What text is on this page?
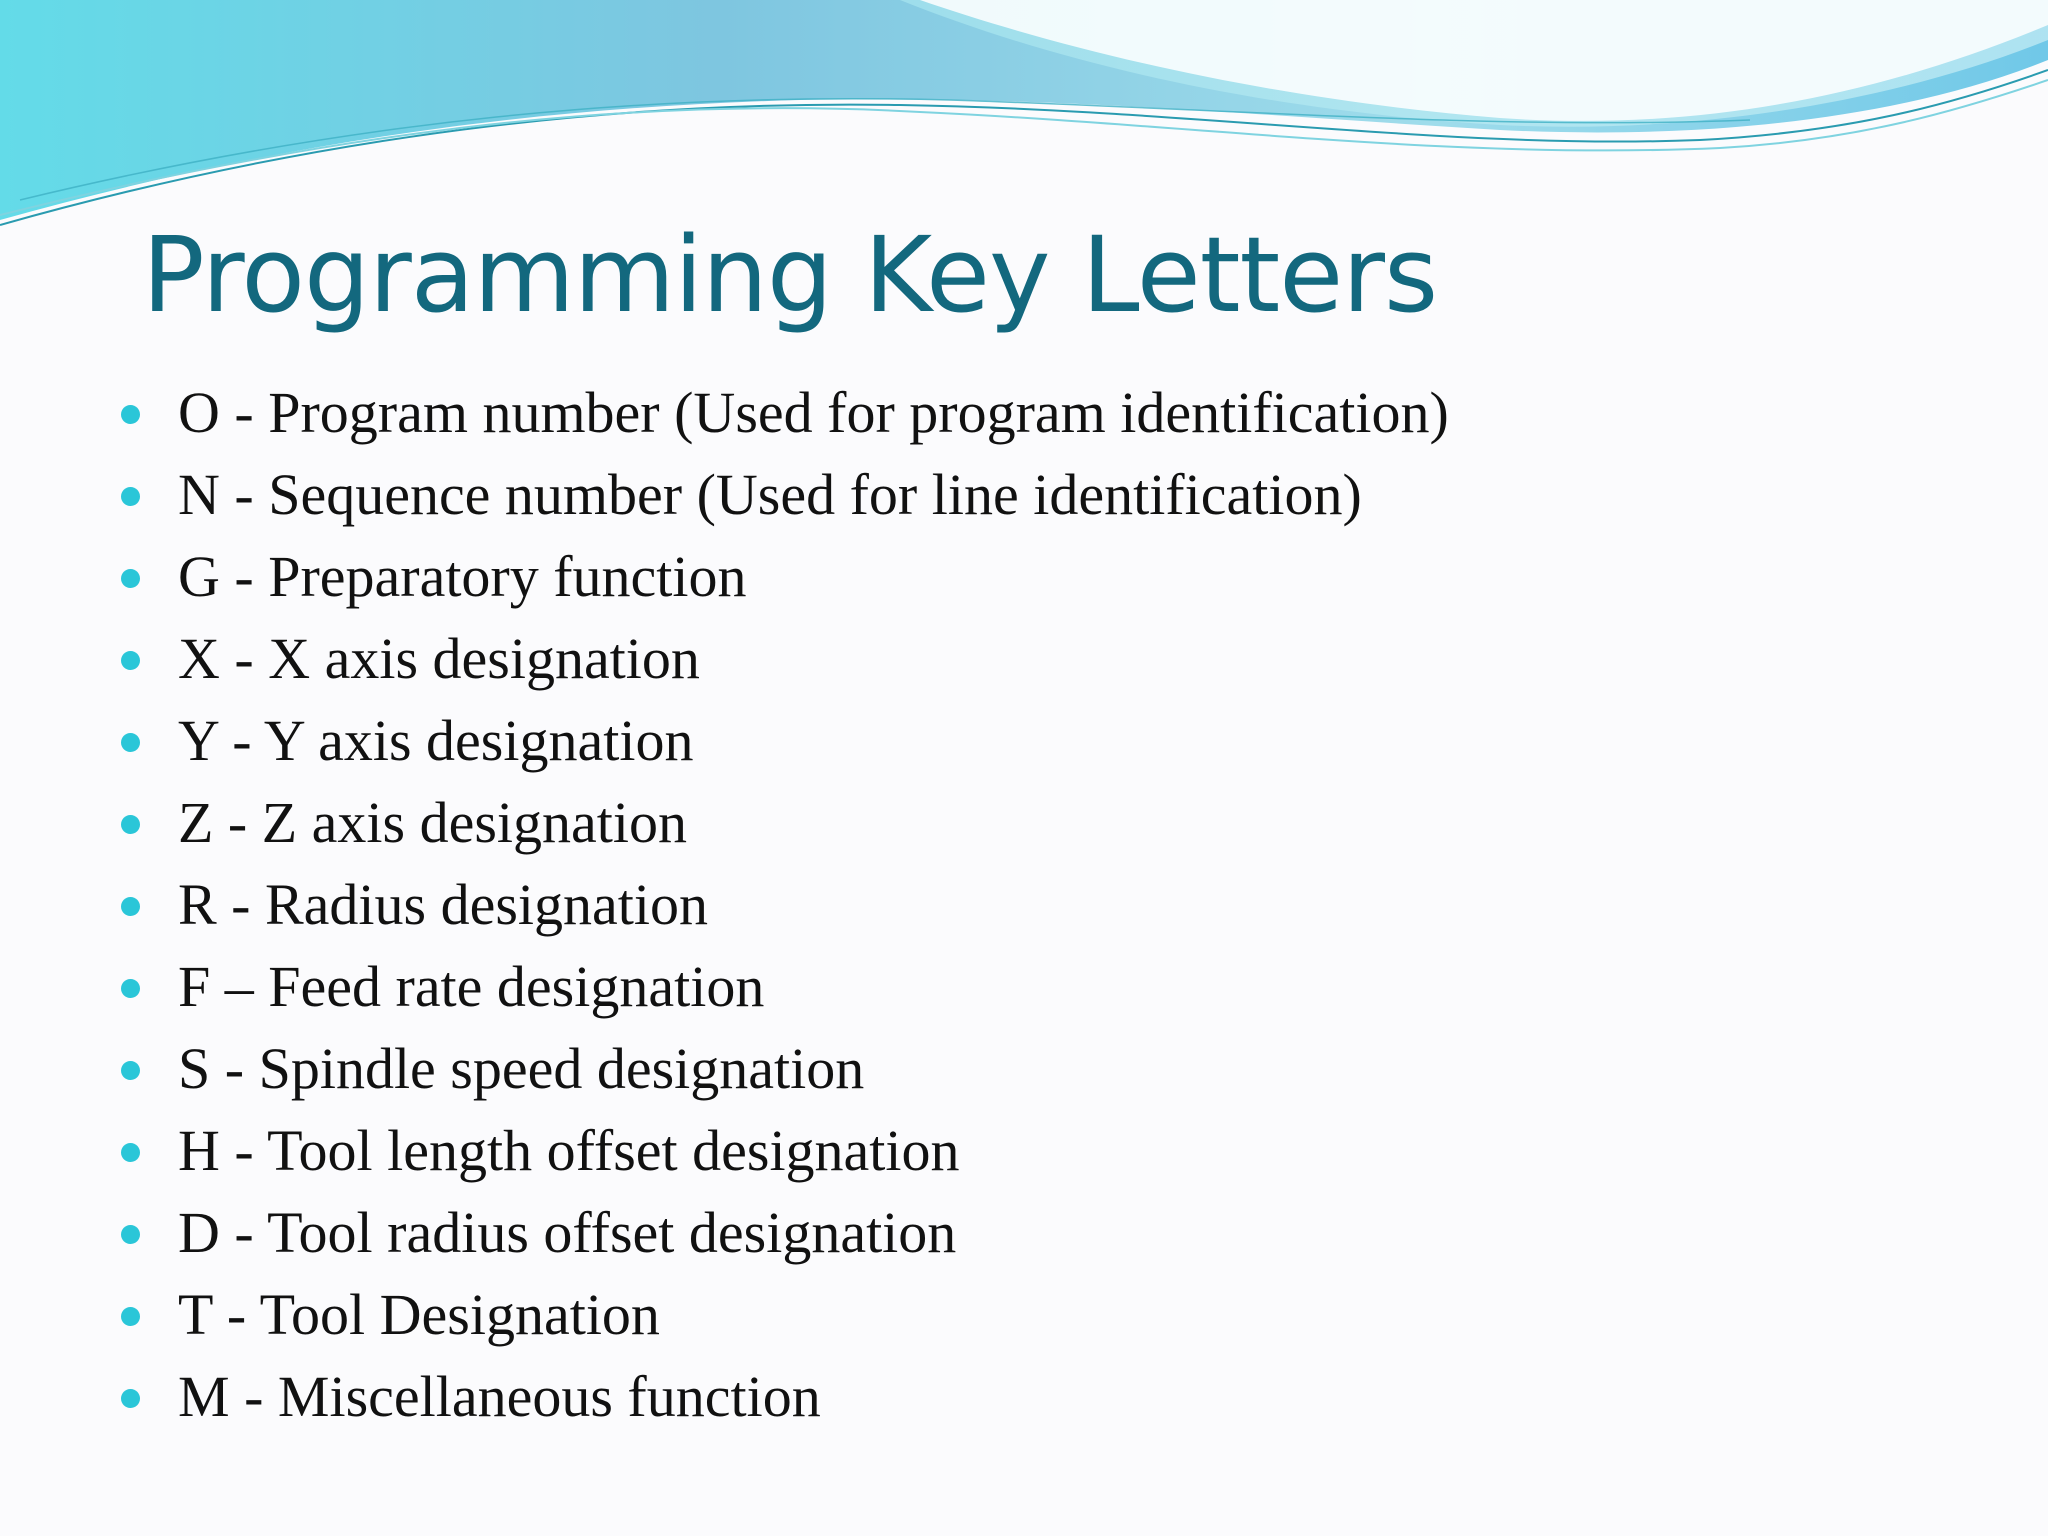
Programming Key Letters
O - Program number (Used for program identification)
N - Sequence number (Used for line identification)
G - Preparatory function
X - X axis designation
Y - Y axis designation
Z - Z axis designation
R - Radius designation
F – Feed rate designation
S - Spindle speed designation
H - Tool length offset designation
D - Tool radius offset designation
T - Tool Designation
M - Miscellaneous function
